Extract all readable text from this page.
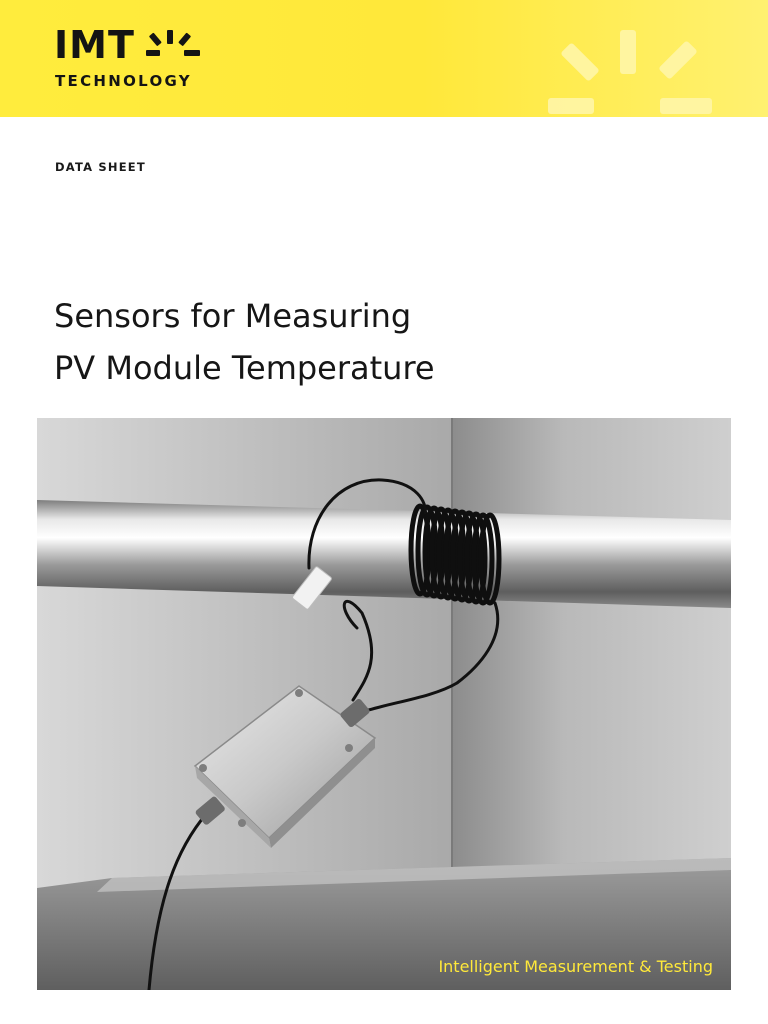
IMT
TECHNOLOGY
DATA SHEET
Sensors for Measuring
PV Module Temperature
Intelligent Measurement & Testing
